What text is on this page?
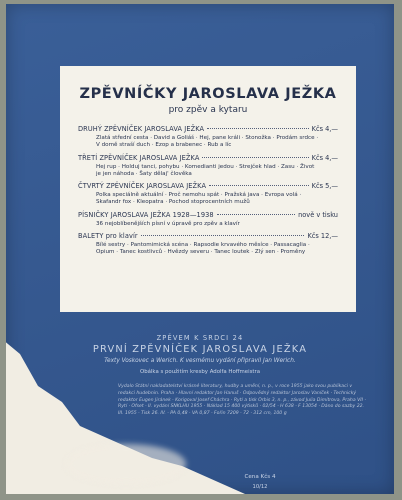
ZPĚVNÍČKY JAROSLAVA JEŽKA
pro zpěv a kytaru
DRUHÝ ZPĚVNÍČEK JAROSLAVA JEŽKA	Kčs 4,—
Zlatá střední cesta · David a Goliáš · Hej, pane králi · Stonožka · Prodám srdce · V domě straší duch · Ezop a brabenec · Rub a líc
TŘETÍ ZPĚVNÍČEK JAROSLAVA JEŽKA	Kčs 4,—
Hej rup · Holduj tanci, pohybu · Komedianti jedou · Strejček hlad · Zasu · Život je jen náhoda · Šaty dělaj' člověka
ČTVRTÝ ZPĚVNÍČEK JAROSLAVA JEŽKA	Kčs 5,—
Polka speciálně aktuální · Proč nemohu spát · Pražská java · Evropa volá · Skafandr fox · Kleopatra · Pochod stoprocentních mužů
PÍSNIČKY JAROSLAVA JEŽKA 1928—1938	nově v tisku
36 nejoblíbenějších písní v úpravě pro zpěv a klavír
BALETY pro klavír	Kčs 12,—
Bílé sestry · Pantomimická scéna · Rapsodie krvavého měsíce · Passacaglia · Opium · Tanec kostlivců · Hvězdy severu · Tanec loutek · Zlý sen · Proměny
ZPĚVEM K SRDCI 24
PRVNÍ ZPĚVNÍČEK JAROSLAVA JEŽKA
Texty Voskovec a Werich. K vesmému vydání připravil Jan Werich.
Obálka s použitím kresby Adolfa Hoffmeistra
Vydalo Státní nakladatelství krásné literatury, hudby a umění, n. p., v roce 1955 jako svou publikaci v redakci hudebnin. Praha · Hlavní redaktor Jan Hanuš · Odpovědný redaktor Jaroslav Vaníček · Technický redaktor Eugen Jiránek · Korigoval Josef Cháchra · Rytí a tisk Orbis 3, n. p., závod Julia Dimitrova, Praha VII · Rytí · Ofset · II. vydání SNKLHU 1955 · Náklad 15 400 výtisků · 02/54 · H 638 · F 13054 · Dáno do sazby 22. III. 1955 · Tisk 26. IV. · PA 0,48 · VA 0,87 · Fořin 7209 · 72 · 312 cm, 100 g
Cena Kčs 4
10/12
